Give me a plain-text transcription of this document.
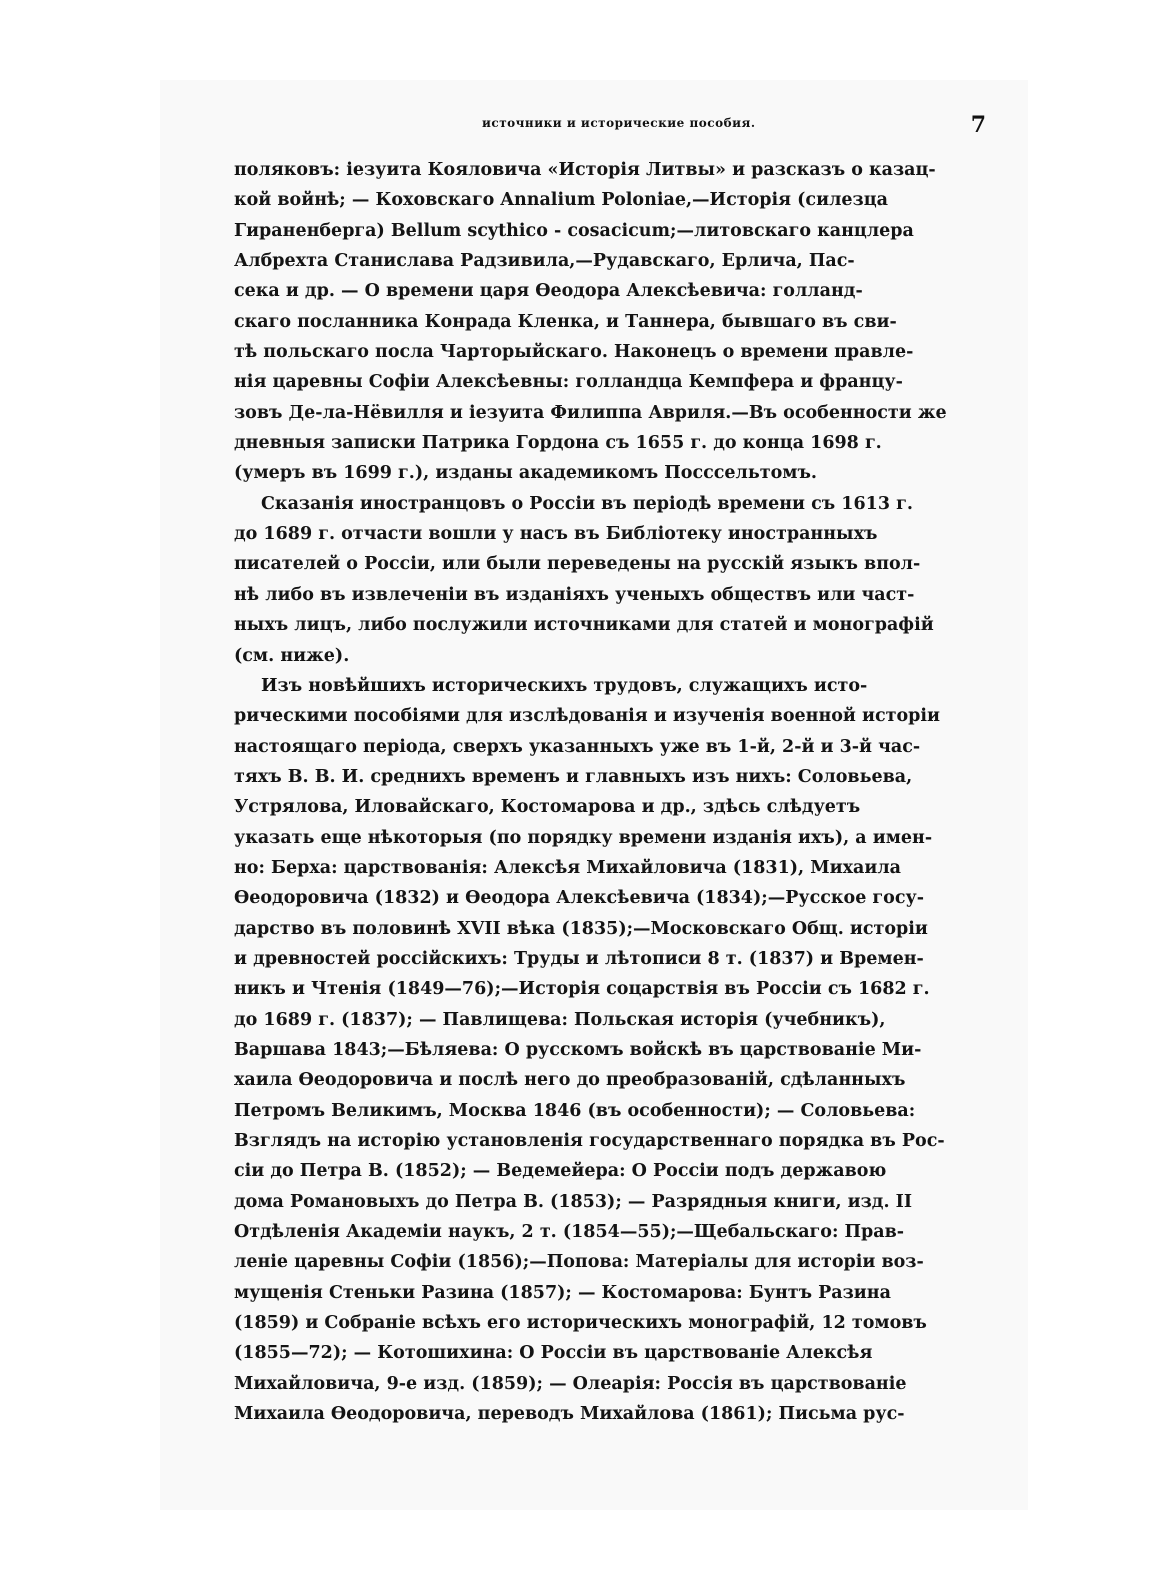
источники и исторические пособия.	7
поляковъ: іезуита Кояловича «Исторія Литвы» и разсказъ о казац-
кой войнѣ; — Коховскаго Annalium Poloniae,—Исторія (силезца
Гираненберга) Bellum scythico - cosacicum;—литовскаго канцлера
Албрехта Станислава Радзивила,—Рудавскаго, Ерлича, Пас-
сека и др. — О времени царя Ѳеодора Алексѣевича: голланд-
скаго посланника Конрада Кленка, и Таннера, бывшаго въ сви-
тѣ польскаго посла Чарторыйскаго. Наконецъ о времени правле-
нія царевны Софіи Алексѣевны: голландца Кемпфера и францу-
зовъ Де-ла-Нёвилля и іезуита Филиппа Авриля.—Въ особенности же
дневныя записки Патрика Гордона съ 1655 г. до конца 1698 г.
(умеръ въ 1699 г.), изданы академикомъ Посссельтомъ.
Сказанія иностранцовъ о Россіи въ періодѣ времени съ 1613 г.
до 1689 г. отчасти вошли у насъ въ Библіотеку иностранныхъ
писателей о Россіи, или были переведены на русскій языкъ впол-
нѣ либо въ извлеченіи въ изданіяхъ ученыхъ обществъ или част-
ныхъ лицъ, либо послужили источниками для статей и монографій
(см. ниже).
Изъ новѣйшихъ историческихъ трудовъ, служащихъ исто-
рическими пособіями для изслѣдованія и изученія военной исторіи
настоящаго періода, сверхъ указанныхъ уже въ 1-й, 2-й и 3-й час-
тяхъ В. В. И. среднихъ временъ и главныхъ изъ нихъ: Соловьева,
Устрялова, Иловайскаго, Костомарова и др., здѣсь слѣдуетъ
указать еще нѣкоторыя (по порядку времени изданія ихъ), а имен-
но: Берха: царствованія: Алексѣя Михайловича (1831), Михаила
Ѳеодоровича (1832) и Ѳеодора Алексѣевича (1834);—Русское госу-
дарство въ половинѣ XVII вѣка (1835);—Московскаго Общ. исторіи
и древностей россійскихъ: Труды и лѣтописи 8 т. (1837) и Времен-
никъ и Чтенія (1849—76);—Исторія соцарствія въ Россіи съ 1682 г.
до 1689 г. (1837); — Павлищева: Польская исторія (учебникъ),
Варшава 1843;—Бѣляева: О русскомъ войскѣ въ царствованіе Ми-
хаила Ѳеодоровича и послѣ него до преобразованій, сдѣланныхъ
Петромъ Великимъ, Москва 1846 (въ особенности); — Соловьева:
Взглядъ на исторію установленія государственнаго порядка въ Рос-
сіи до Петра В. (1852); — Ведемейера: О Россіи подъ державою
дома Романовыхъ до Петра В. (1853); — Разрядныя книги, изд. II
Отдѣленія Академіи наукъ, 2 т. (1854—55);—Щебальскаго: Прав-
леніе царевны Софіи (1856);—Попова: Матеріалы для исторіи воз-
мущенія Стеньки Разина (1857); — Костомарова: Бунтъ Разина
(1859) и Собраніе всѣхъ его историческихъ монографій, 12 томовъ
(1855—72); — Котошихина: О Россіи въ царствованіе Алексѣя
Михайловича, 9-е изд. (1859); — Олеарія: Россія въ царствованіе
Михаила Ѳеодоровича, переводъ Михайлова (1861); Письма рус-
